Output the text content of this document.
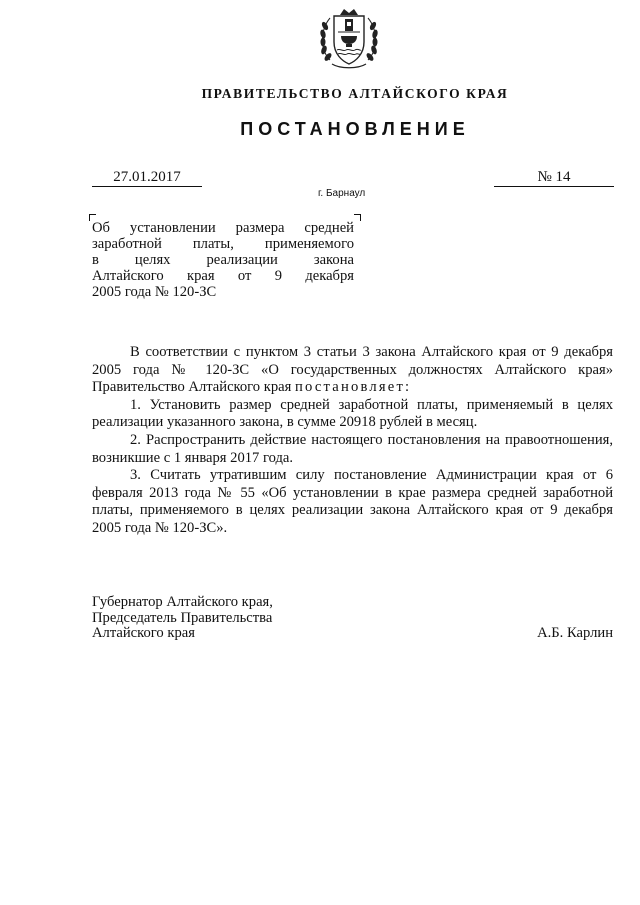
ПРАВИТЕЛЬСТВО АЛТАЙСКОГО КРАЯ
ПОСТАНОВЛЕНИЕ
27.01.2017	№ 14
г. Барнаул
Об установлении размера средней
заработной платы, применяемого
в целях реализации закона
Алтайского края от 9 декабря
2005 года № 120-ЗС

В соответствии с пунктом 3 статьи 3 закона Алтайского края от 9 декабря 2005 года № 120-ЗС «О государственных должностях Алтайского края» Правительство Алтайского края постановляет:

1. Установить размер средней заработной платы, применяемый в целях реализации указанного закона, в сумме 20918 рублей в месяц.

2. Распространить действие настоящего постановления на правоотношения, возникшие с 1 января 2017 года.

3. Считать утратившим силу постановление Администрации края от 6 февраля 2013 года № 55 «Об установлении в крае размера средней заработной платы, применяемого в целях реализации закона Алтайского края от 9 декабря 2005 года № 120-ЗС».

Губернатор Алтайского края,
Председатель Правительства
Алтайского края	А.Б. Карлин
